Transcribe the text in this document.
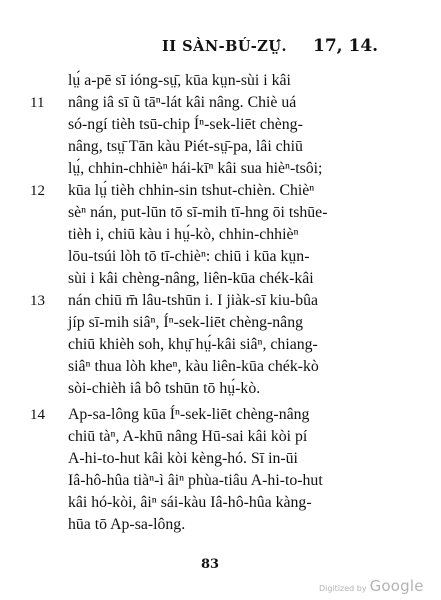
II SÀN-BÚ-ZṲ́. 17, 14.
lṳ́ a-pē sī ióng-sṳ̄, kūa kṳn-sùi i kâi
11	nâng iâ sī ũ tāⁿ-lát kâi nâng. Chiè uá
só-ngí tièh tsū-chip Íⁿ-sek-liēt chèng-
nâng, tsṳ̄ Tān kàu Piét-sṳ̄-pa, lâi chiū
lṳ́, chhin-chhièⁿ hái-kīⁿ kâi sua hièⁿ-tsôi;
12	kūa lṳ́ tièh chhin-sin tshut-chièn. Chièⁿ
sèⁿ nán, put-lūn tō sī-mih tī-hng ōi tshūe-
tièh i, chiū kàu i hṳ́-kò, chhin-chhièⁿ
lōu-tsúi lòh tō tī-chièⁿ: chiū i kūa kṳn-
sùi i kâi chèng-nâng, liên-kūa chék-kâi
13	nán chiū m̄ lâu-tshūn i. I jiàk-sī kiu-bûa
jíp sī-mih siâⁿ, Íⁿ-sek-liēt chèng-nâng
chiū khièh soh, khṳ̄ hṳ́-kâi siâⁿ, chiang-
siâⁿ thua lòh kheⁿ, kàu liên-kūa chék-kò
sòi-chièh iâ bô tshūn tō hṳ́-kò.
14	Ap-sa-lông kūa Íⁿ-sek-liēt chèng-nâng
chiū tàⁿ, A-khū nâng Hū-sai kâi kòi pí
A-hi-to-hut kâi kòi kèng-hó. Sī in-ūi
Iâ-hô-hûa tiàⁿ-ì âiⁿ phùa-tiâu A-hi-to-hut
kâi hó-kòi, âiⁿ sái-kàu Iâ-hô-hûa kàng-
hūa tō Ap-sa-lông.
83
Digitized by Google
